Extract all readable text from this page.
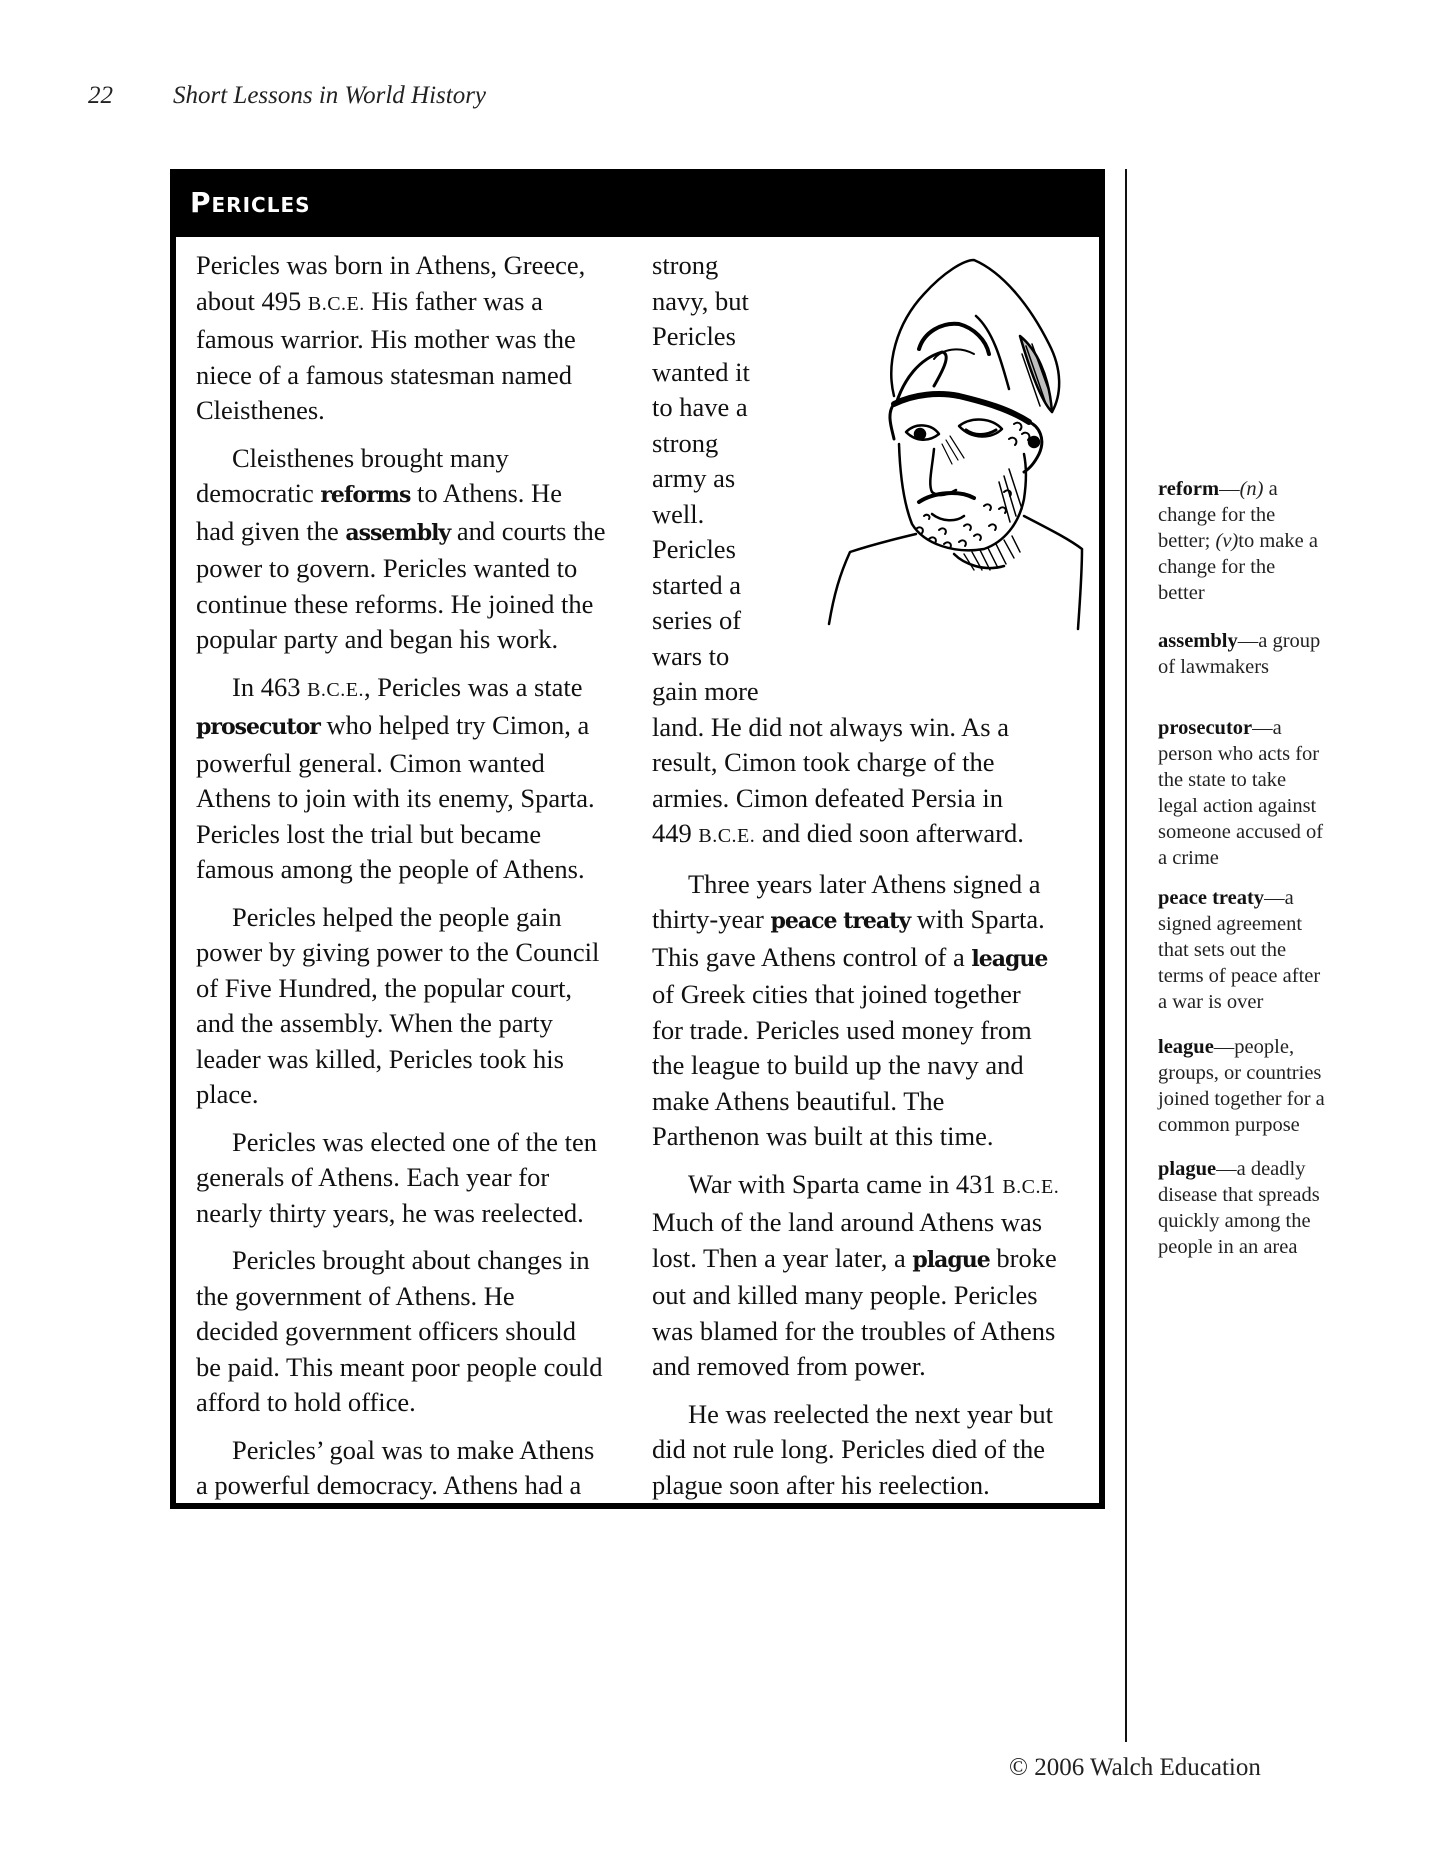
22 Short Lessons in World History
Pericles
Pericles was born in Athens, Greece,
about 495 B.C.E. His father was a
famous warrior. His mother was the
niece of a famous statesman named
Cleisthenes.
Cleisthenes brought many
democratic reforms to Athens. He
had given the assembly and courts the
power to govern. Pericles wanted to
continue these reforms. He joined the
popular party and began his work.
In 463 B.C.E., Pericles was a state
prosecutor who helped try Cimon, a
powerful general. Cimon wanted
Athens to join with its enemy, Sparta.
Pericles lost the trial but became
famous among the people of Athens.
Pericles helped the people gain
power by giving power to the Council
of Five Hundred, the popular court,
and the assembly. When the party
leader was killed, Pericles took his
place.
Pericles was elected one of the ten
generals of Athens. Each year for
nearly thirty years, he was reelected.
Pericles brought about changes in
the government of Athens. He
decided government officers should
be paid. This meant poor people could
afford to hold office.
Pericles’ goal was to make Athens
a powerful democracy. Athens had a
strong
navy, but
Pericles
wanted it
to have a
strong
army as
well.
Pericles
started a
series of
wars to
gain more
land. He did not always win. As a
result, Cimon took charge of the
armies. Cimon defeated Persia in
449 B.C.E. and died soon afterward.
Three years later Athens signed a
thirty-year peace treaty with Sparta.
This gave Athens control of a league
of Greek cities that joined together
for trade. Pericles used money from
the league to build up the navy and
make Athens beautiful. The
Parthenon was built at this time.
War with Sparta came in 431 B.C.E.
Much of the land around Athens was
lost. Then a year later, a plague broke
out and killed many people. Pericles
was blamed for the troubles of Athens
and removed from power.
He was reelected the next year but
did not rule long. Pericles died of the
plague soon after his reelection.
reform—(n) a
change for the
better; (v)to make a
change for the
better
assembly—a group
of lawmakers
prosecutor—a
person who acts for
the state to take
legal action against
someone accused of
a crime
peace treaty—a
signed agreement
that sets out the
terms of peace after
a war is over
league—people,
groups, or countries
joined together for a
common purpose
plague—a deadly
disease that spreads
quickly among the
people in an area
© 2006 Walch Education
